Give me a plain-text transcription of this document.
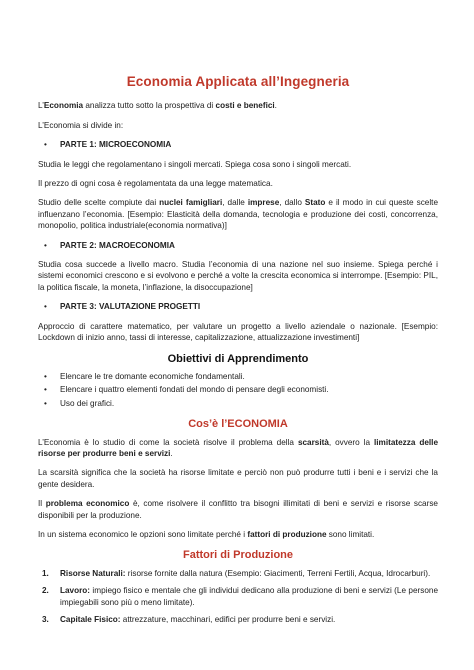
Economia Applicata all’Ingegneria

L’Economia analizza tutto sotto la prospettiva di costi e benefici.

L’Economia si divide in:

• PARTE 1: MICROECONOMIA

Studia le leggi che regolamentano i singoli mercati. Spiega cosa sono i singoli mercati.

Il prezzo di ogni cosa è regolamentata da una legge matematica.

Studio delle scelte compiute dai nuclei famigliari, dalle imprese, dallo Stato e il modo in cui queste scelte influenzano l’economia. [Esempio: Elasticità della domanda, tecnologia e produzione dei costi, concorrenza, monopolio, politica industriale(economia normativa)]

• PARTE 2: MACROECONOMIA

Studia cosa succede a livello macro. Studia l’economia di una nazione nel suo insieme. Spiega perché i sistemi economici crescono e si evolvono e perché a volte la crescita economica si interrompe. [Esempio: PIL, la politica fiscale, la moneta, l’inflazione, la disoccupazione]

• PARTE 3: VALUTAZIONE PROGETTI

Approccio di carattere matematico, per valutare un progetto a livello aziendale o nazionale. [Esempio: Lockdown di inizio anno, tassi di interesse, capitalizzazione, attualizzazione investimenti]

Obiettivi di Apprendimento
• Elencare le tre domante economiche fondamentali.
• Elencare i quattro elementi fondati del mondo di pensare degli economisti.
• Uso dei grafici.
Cos’è l’ECONOMIA

L’Economia è lo studio di come la società risolve il problema della scarsità, ovvero la limitatezza delle risorse per produrre beni e servizi.

La scarsità significa che la società ha risorse limitate e perciò non può produrre tutti i beni e i servizi che la gente desidera.

Il problema economico è, come risolvere il conflitto tra bisogni illimitati di beni e servizi e risorse scarse disponibili per la produzione.

In un sistema economico le opzioni sono limitate perché i fattori di produzione sono limitati.

Fattori di Produzione
1. Risorse Naturali: risorse fornite dalla natura (Esempio: Giacimenti, Terreni Fertili, Acqua, Idrocarburi).
2. Lavoro: impiego fisico e mentale che gli individui dedicano alla produzione di beni e servizi (Le persone impiegabili sono più o meno limitate).
3. Capitale Fisico: attrezzature, macchinari, edifici per produrre beni e servizi.
